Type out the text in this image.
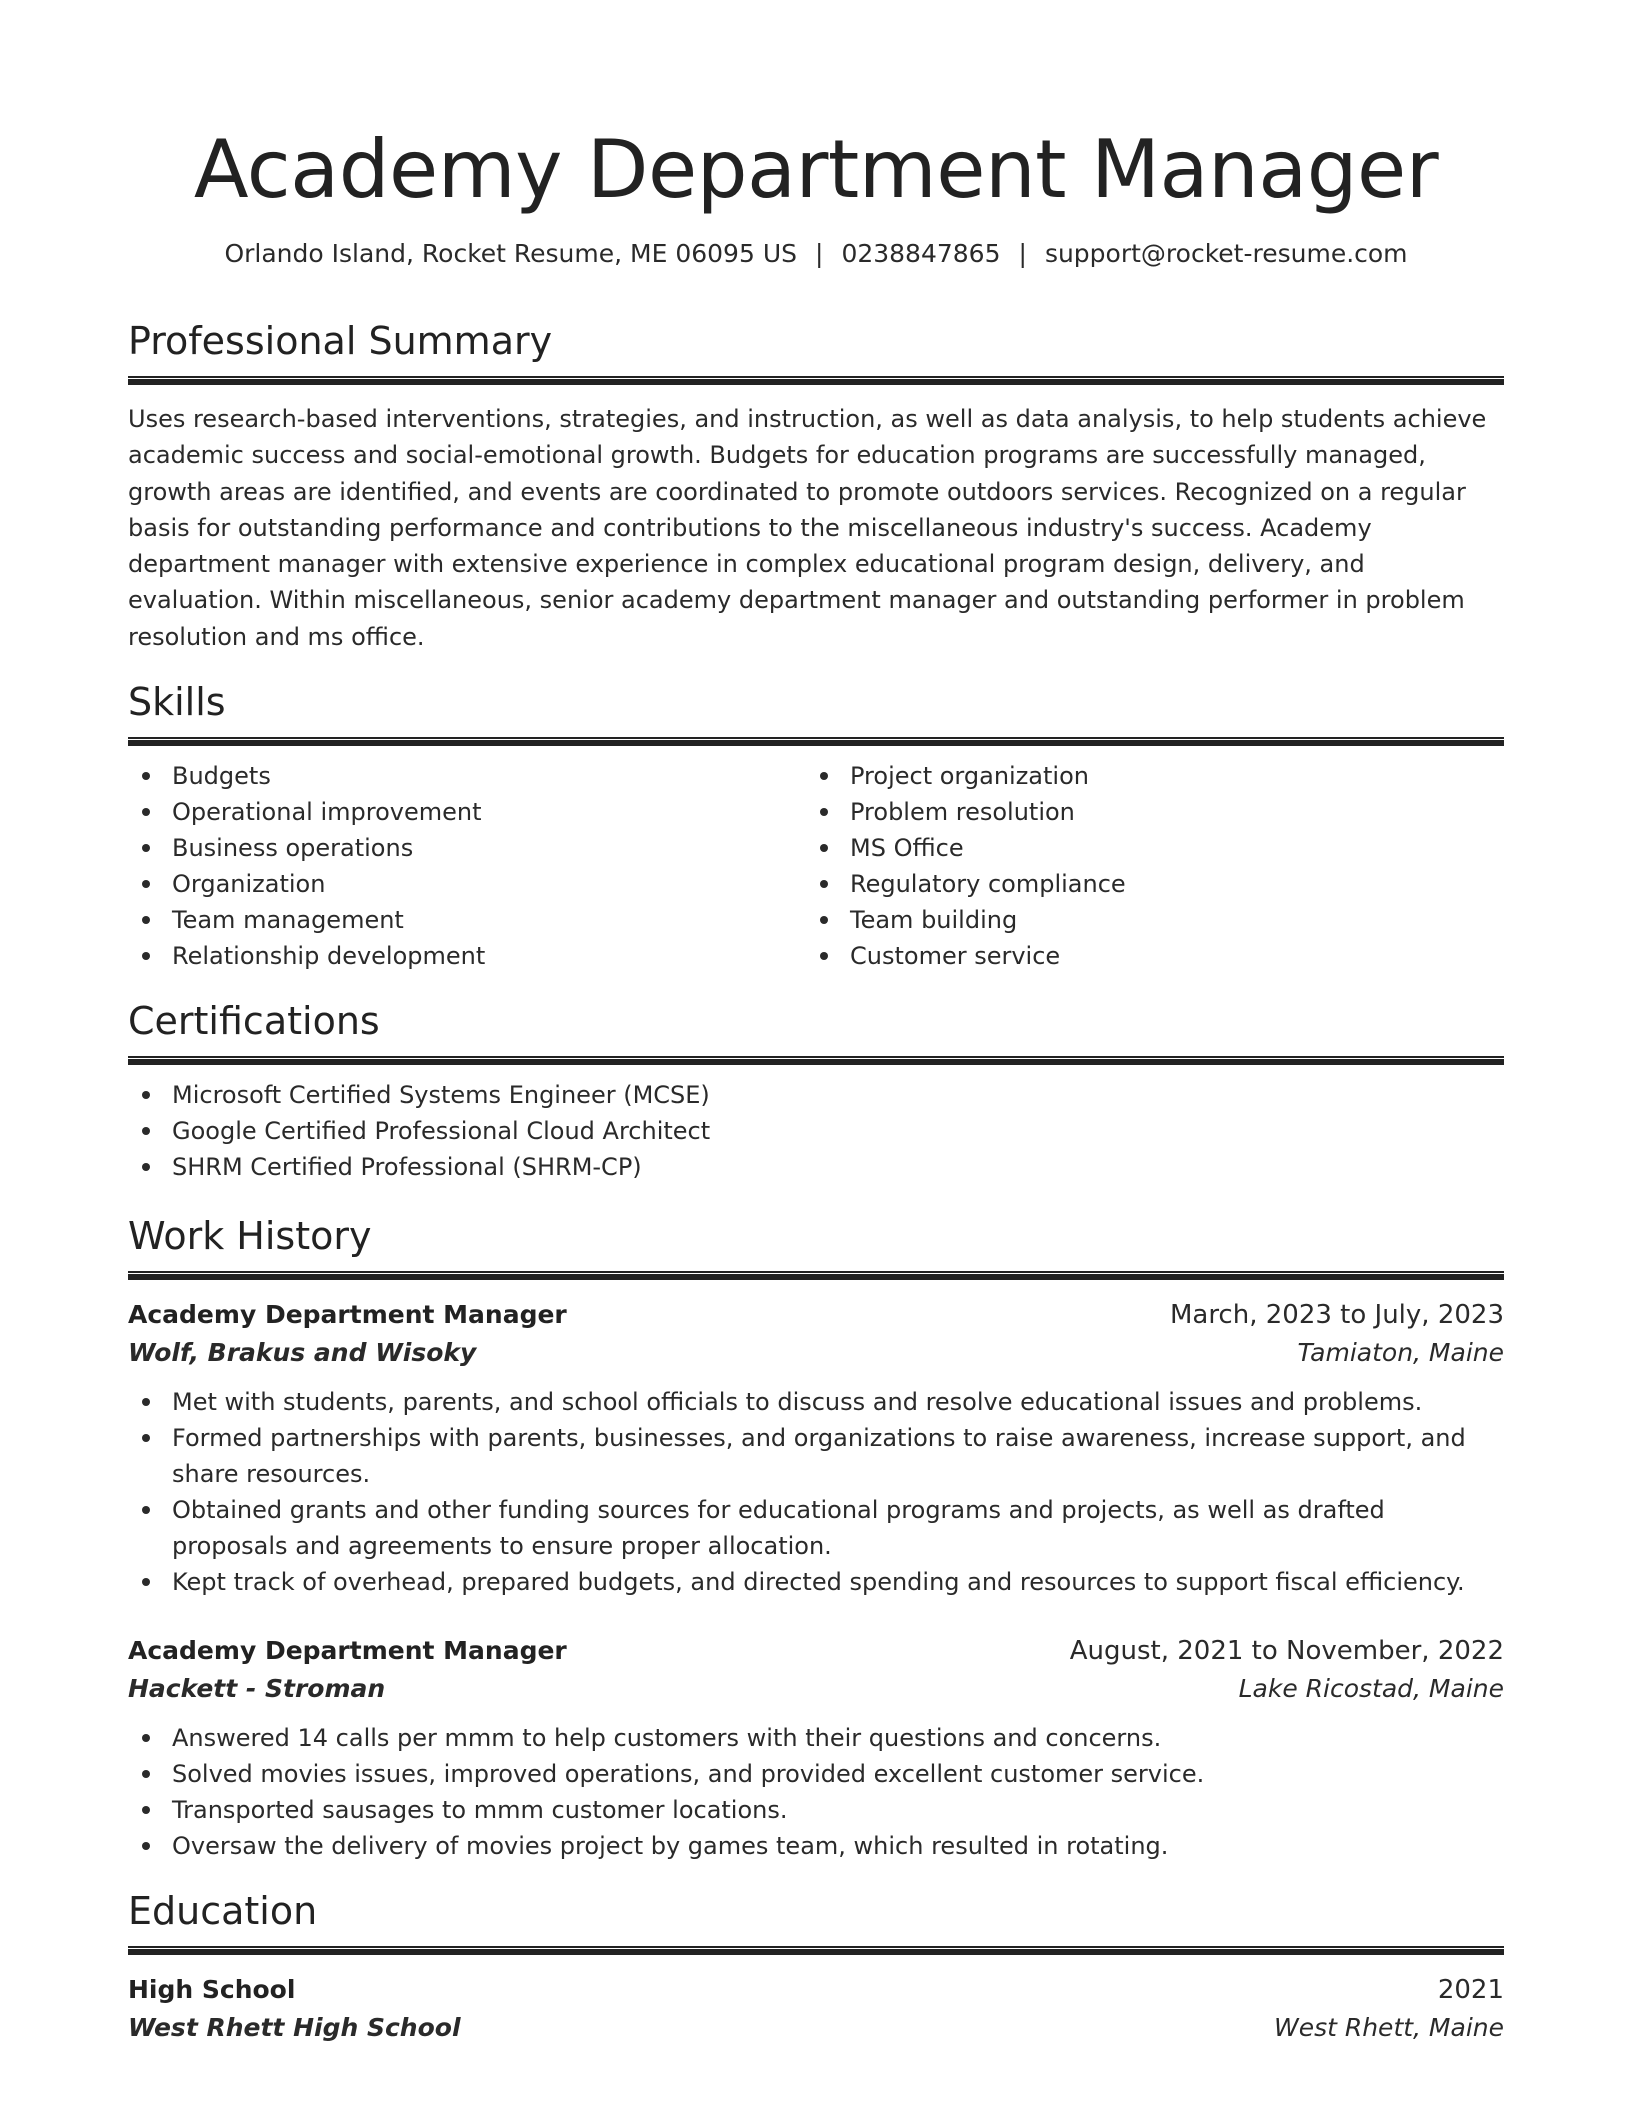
Academy Department Manager
Orlando Island, Rocket Resume, ME 06095 US | 0238847865 | support@rocket-resume.com
Professional Summary

Uses research-based interventions, strategies, and instruction, as well as data analysis, to help students achieve academic success and social-emotional growth. Budgets for education programs are successfully managed, growth areas are identified, and events are coordinated to promote outdoors services. Recognized on a regular basis for outstanding performance and contributions to the miscellaneous industry's success. Academy department manager with extensive experience in complex educational program design, delivery, and evaluation. Within miscellaneous, senior academy department manager and outstanding performer in problem resolution and ms office.

Skills
Budgets
Operational improvement
Business operations
Organization
Team management
Relationship development
Project organization
Problem resolution
MS Office
Regulatory compliance
Team building
Customer service
Certifications
Microsoft Certified Systems Engineer (MCSE)
Google Certified Professional Cloud Architect
SHRM Certified Professional (SHRM-CP)
Work History
Academy Department Manager	March, 2023 to July, 2023
Wolf, Brakus and Wisoky	Tamiaton, Maine
Met with students, parents, and school officials to discuss and resolve educational issues and problems.
Formed partnerships with parents, businesses, and organizations to raise awareness, increase support, and share resources.
Obtained grants and other funding sources for educational programs and projects, as well as drafted proposals and agreements to ensure proper allocation.
Kept track of overhead, prepared budgets, and directed spending and resources to support fiscal efficiency.
Academy Department Manager	August, 2021 to November, 2022
Hackett - Stroman	Lake Ricostad, Maine
Answered 14 calls per mmm to help customers with their questions and concerns.
Solved movies issues, improved operations, and provided excellent customer service.
Transported sausages to mmm customer locations.
Oversaw the delivery of movies project by games team, which resulted in rotating.
Education
High School	2021
West Rhett High School	West Rhett, Maine
